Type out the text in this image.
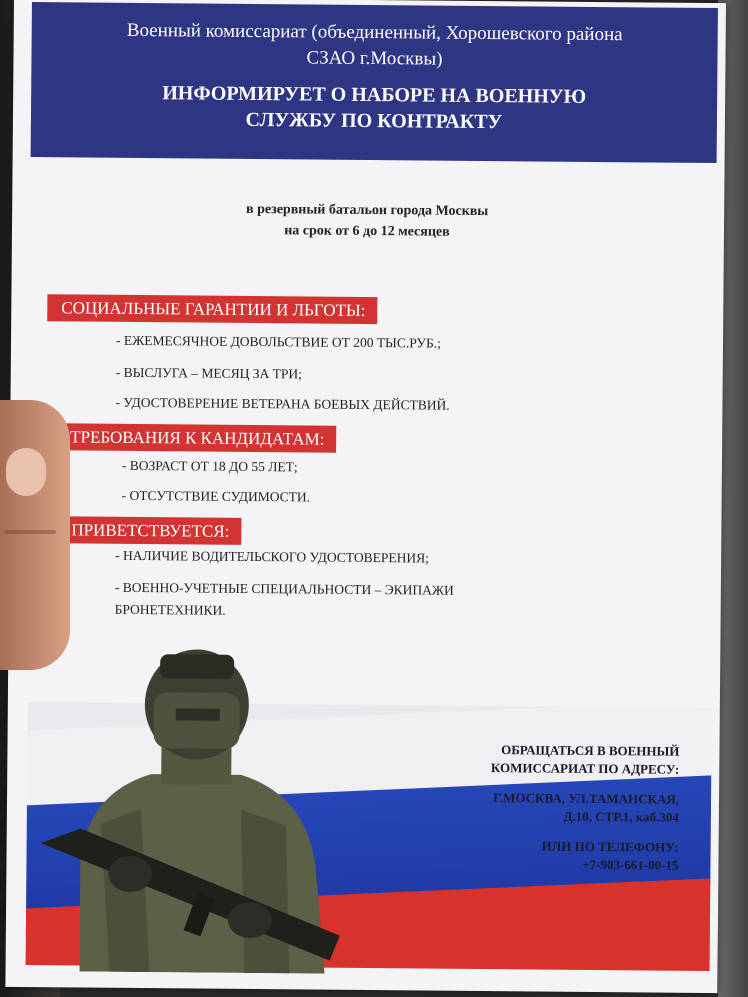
Военный комиссариат (объединенный, Хорошевского района СЗАО г.Москвы)
ИНФОРМИРУЕТ О НАБОРЕ НА ВОЕННУЮ СЛУЖБУ ПО КОНТРАКТУ
в резервный батальон города Москвы
на срок от 6 до 12 месяцев
СОЦИАЛЬНЫЕ ГАРАНТИИ И ЛЬГОТЫ:
- ЕЖЕМЕСЯЧНОЕ ДОВОЛЬСТВИЕ ОТ 200 ТЫС.РУБ.;
- ВЫСЛУГА – МЕСЯЦ ЗА ТРИ;
- УДОСТОВЕРЕНИЕ ВЕТЕРАНА БОЕВЫХ ДЕЙСТВИЙ.
ТРЕБОВАНИЯ К КАНДИДАТАМ:
- ВОЗРАСТ ОТ 18 ДО 55 ЛЕТ;
- ОТСУТСТВИЕ СУДИМОСТИ.
ПРИВЕТСТВУЕТСЯ:
- НАЛИЧИЕ ВОДИТЕЛЬСКОГО УДОСТОВЕРЕНИЯ;
- ВОЕННО-УЧЕТНЫЕ СПЕЦИАЛЬНОСТИ – ЭКИПАЖИ
БРОНЕТЕХНИКИ.
ОБРАЩАТЬСЯ В ВОЕННЫЙ

КОМИССАРИАТ ПО АДРЕСУ:

Г.МОСКВА, УЛ.ТАМАНСКАЯ,

Д.10, СТР.1, каб.304

ИЛИ ПО ТЕЛЕФОНУ:
+7-903-661-00-15
